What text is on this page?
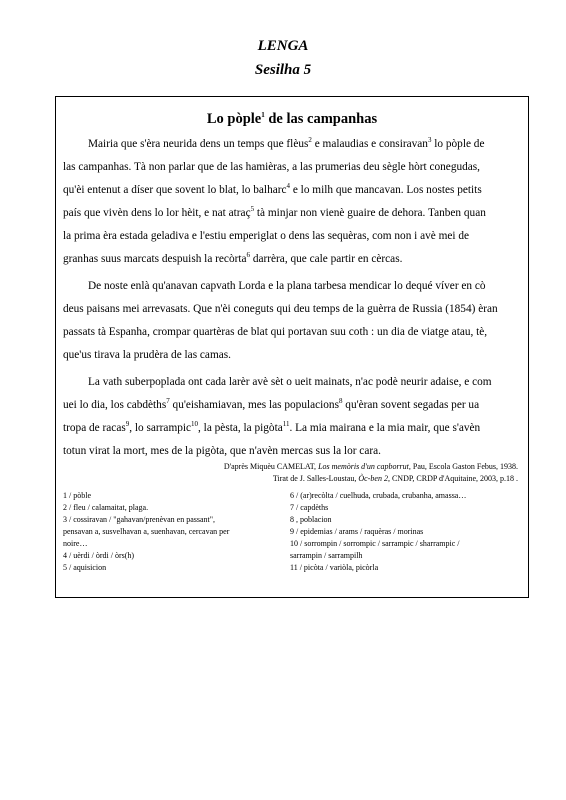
LENGA
Sesilha 5
Lo pòple$^1$ de las campanhas

Mairia que s'èra neurida dens un temps que flèus$^2$ e malaudias e consiravan$^3$ lo pòple de
las campanhas. Tà non parlar que de las hamièras, a las prumerias deu sègle hòrt conegudas,
qu'èi entenut a díser que sovent lo blat, lo balharc$^4$ e lo milh que mancavan. Los nostes petits
país que vivèn dens lo lor hèit, e nat atraç$^5$ tà minjar non vienè guaire de dehora. Tanben quan
la prima èra estada geladiva e l'estiu emperiglat o dens las sequèras, com non i avè mei de
granhas suus marcats despuish la recòrta$^6$ darrèra, que cale partir en cèrcas.

De noste enlà qu'anavan capvath Lorda e la plana tarbesa mendicar lo dequé víver en cò
deus paisans mei arrevasats. Que n'èi coneguts qui deu temps de la guèrra de Russia (1854) èran
passats tà Espanha, crompar quartèras de blat qui portavan suu coth : un dia de viatge atau, tè,
que'us tirava la prudèra de las camas.

La vath suberpoplada ont cada larèr avè sèt o ueit mainats, n'ac podè neurir adaise, e com
uei lo dia, los cabdèths$^7$ qu'eishamiavan, mes las populacions$^8$ qu'èran sovent segadas per ua
tropa de racas$^9$, lo sarrampic$^{10}$, la pèsta, la pigòta$^{11}$. La mia mairana e la mia mair, que s'avèn
totun virat la mort, mes de la pigòta, que n'avèn mercas sus la lor cara.

D'après Miquèu CAMELAT, Los memòris d'un capborrut, Pau, Escola Gaston Febus, 1938.
Tirat de J. Salles-Loustau, Òc-ben 2, CNDP, CRDP d'Aquitaine, 2003, p.18 .
1 / pòble
2 / fleu / calamaitat, plaga.
3 / cossiravan / "gahavan/prenèvan en passant",
pensavan a, susvelhavan a, suenhavan, cercavan per
noire…
4 / uèrdi / òrdi / òrs(h)
5 / aquisicion
6 / (ar)recòlta / cuelhuda, crubada, crubanha, amassa…
7 / capdèths
8 , poblacion
9 / epidemias / arams / raquèras / morinas
10 / sorrompin / sorrompic / sarrampic / sharrampic /
sarrampin / sarrampilh
11 / picòta / variòla, picòrla
